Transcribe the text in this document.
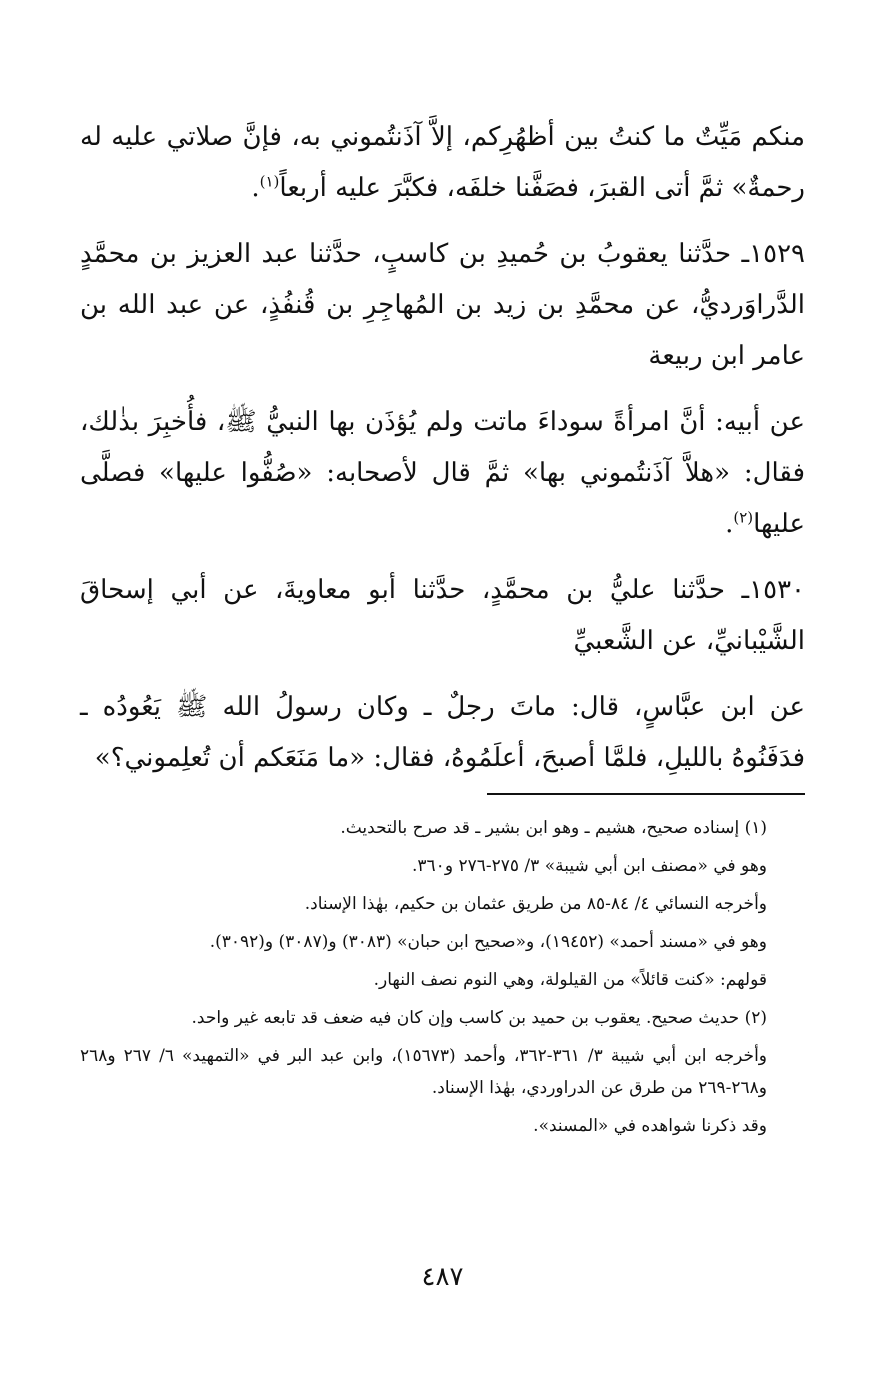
منكم مَيِّتٌ ما كنتُ بين أظهُرِكم، إلاَّ آذَنتُموني به، فإنَّ صلاتي عليه له رحمةٌ» ثمَّ أتى القبرَ، فصَفَّنا خلفَه، فكبَّرَ عليه أربعاً$^{(١)}$.

١٥٢٩ـ حدَّثنا يعقوبُ بن حُميدِ بن كاسبٍ، حدَّثنا عبد العزيز بن محمَّدٍ الدَّراوَرديُّ، عن محمَّدِ بن زيد بن المُهاجِرِ بن قُنفُذٍ، عن عبد الله بن عامر ابن ربيعة

عن أبيه: أنَّ امرأةً سوداءَ ماتت ولم يُؤذَن بها النبيُّ ﷺ، فأُخبِرَ بذٰلك، فقال: «هلاَّ آذَنتُموني بها» ثمَّ قال لأصحابه: «صُفُّوا عليها» فصلَّى عليها$^{(٢)}$.

١٥٣٠ـ حدَّثنا عليُّ بن محمَّدٍ، حدَّثنا أبو معاويةَ، عن أبي إسحاقَ الشَّيْبانيِّ، عن الشَّعبيِّ

عن ابن عبَّاسٍ، قال: ماتَ رجلٌ ـ وكان رسولُ الله ﷺ يَعُودُه ـ فدَفَنُوهُ بالليلِ، فلمَّا أصبحَ، أعلَمُوهُ، فقال: «ما مَنَعَكم أن تُعلِموني؟»

(١) إسناده صحيح، هشيم ـ وهو ابن بشير ـ قد صرح بالتحديث.

وهو في «مصنف ابن أبي شيبة» ٣/ ٢٧٥-٢٧٦ و٣٦٠.

وأخرجه النسائي ٤/ ٨٤-٨٥ من طريق عثمان بن حكيم، بهٰذا الإسناد.

وهو في «مسند أحمد» (١٩٤٥٢)، و«صحيح ابن حبان» (٣٠٨٣) و(٣٠٨٧) و(٣٠٩٢).

قولهم: «كنت قائلاً» من القيلولة، وهي النوم نصف النهار.

(٢) حديث صحيح. يعقوب بن حميد بن كاسب وإن كان فيه ضعف قد تابعه غير واحد.

وأخرجه ابن أبي شيبة ٣/ ٣٦١-٣٦٢، وأحمد (١٥٦٧٣)، وابن عبد البر في «التمهيد» ٦/ ٢٦٧ و٢٦٨ و٢٦٨-٢٦٩ من طرق عن الدراوردي، بهٰذا الإسناد.

وقد ذكرنا شواهده في «المسند».

٤٨٧
